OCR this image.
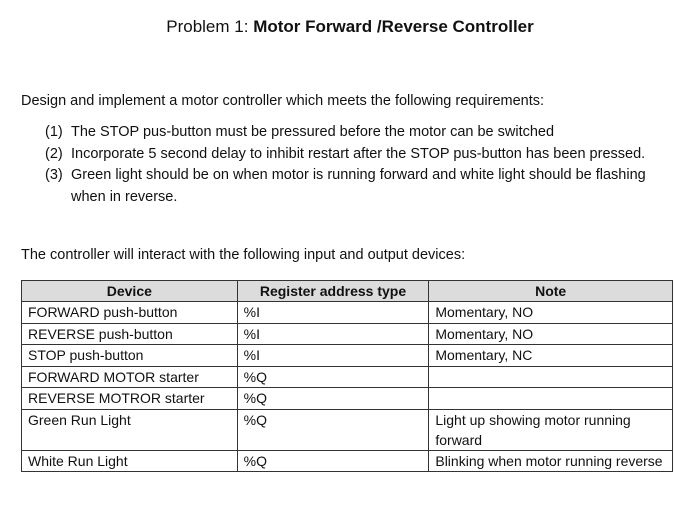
Problem 1: Motor Forward /Reverse Controller
Design and implement a motor controller which meets the following requirements:
(1) The STOP pus-button must be pressured before the motor can be switched
(2) Incorporate 5 second delay to inhibit restart after the STOP pus-button has been pressed.
(3) Green light should be on when motor is running forward and white light should be flashing when in reverse.
The controller will interact with the following input and output devices:
Device	Register address type	Note
FORWARD push-button	%I	Momentary, NO
REVERSE push-button	%I	Momentary, NO
STOP push-button	%I	Momentary, NC
FORWARD MOTOR starter	%Q	
REVERSE MOTROR starter	%Q	
Green Run Light	%Q	Light up showing motor running forward
White Run Light	%Q	Blinking when motor running reverse
